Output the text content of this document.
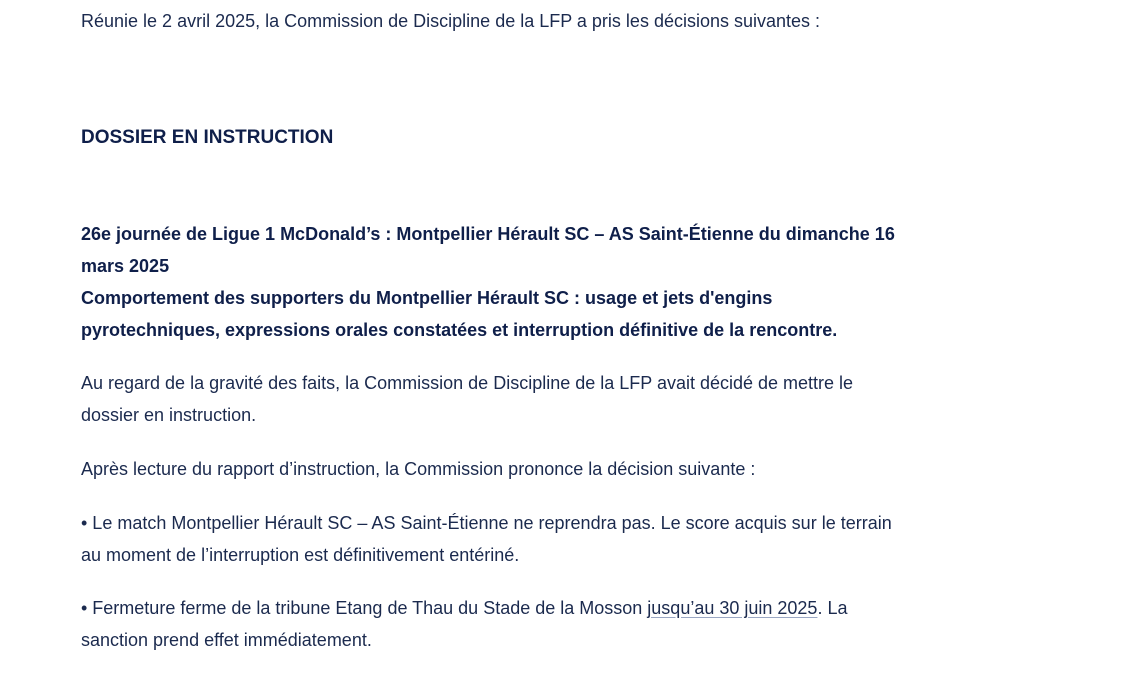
Réunie le 2 avril 2025, la Commission de Discipline de la LFP a pris les décisions suivantes :
DOSSIER EN INSTRUCTION
26e journée de Ligue 1 McDonald’s : Montpellier Hérault SC – AS Saint-Étienne du dimanche 16
mars 2025
Comportement des supporters du Montpellier Hérault SC : usage et jets d'engins
pyrotechniques, expressions orales constatées et interruption définitive de la rencontre.
Au regard de la gravité des faits, la Commission de Discipline de la LFP avait décidé de mettre le
dossier en instruction.
Après lecture du rapport d’instruction, la Commission prononce la décision suivante :
• Le match Montpellier Hérault SC – AS Saint-Étienne ne reprendra pas. Le score acquis sur le terrain
au moment de l’interruption est définitivement entériné.
• Fermeture ferme de la tribune Etang de Thau du Stade de la Mosson jusqu’au 30 juin 2025. La
sanction prend effet immédiatement.
